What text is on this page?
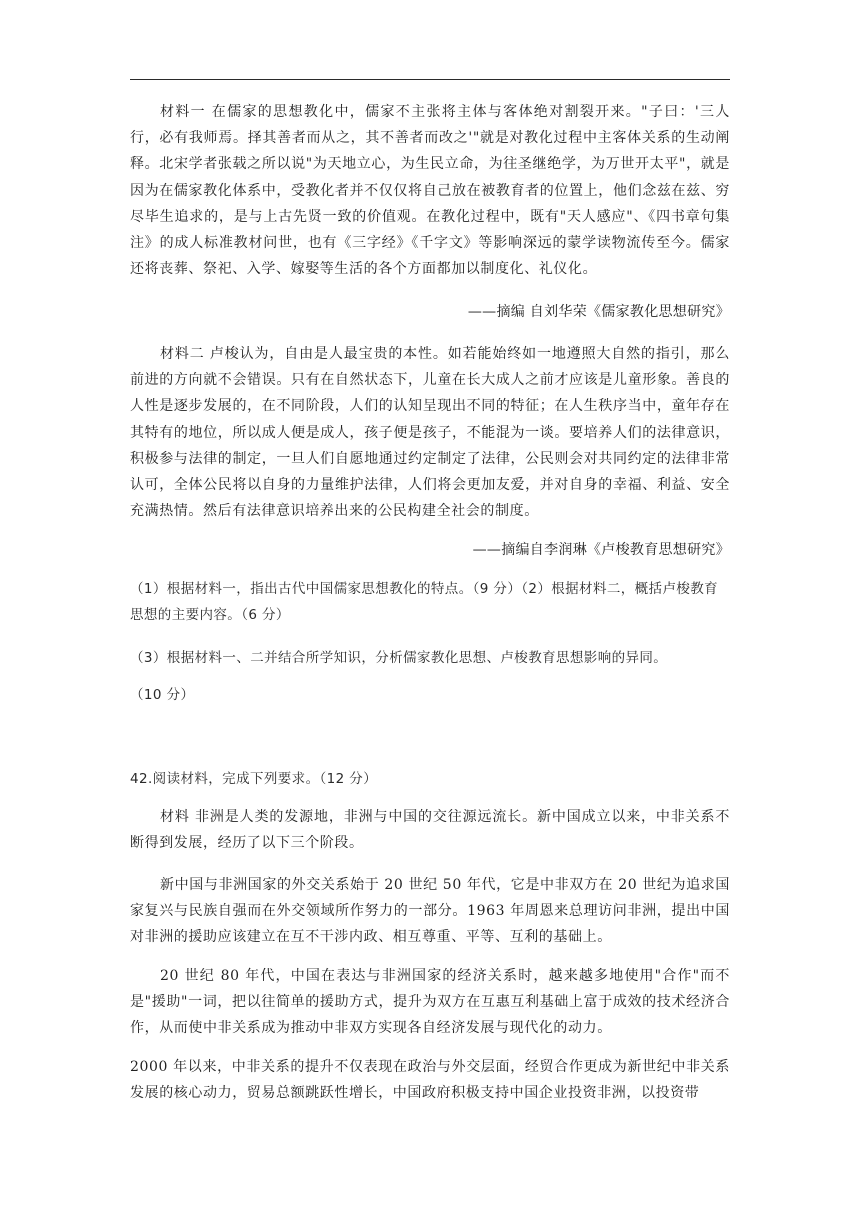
材料一 在儒家的思想教化中，儒家不主张将主体与客体绝对割裂开来。"子曰：'三人行，必有我师焉。择其善者而从之，其不善者而改之'"就是对教化过程中主客体关系的生动阐释。北宋学者张载之所以说"为天地立心，为生民立命，为往圣继绝学，为万世开太平"，就是因为在儒家教化体系中，受教化者并不仅仅将自己放在被教育者的位置上，他们念兹在兹、穷尽毕生追求的，是与上古先贤一致的价值观。在教化过程中，既有"天人感应"、《四书章句集注》的成人标准教材问世，也有《三字经》《千字文》等影响深远的蒙学读物流传至今。儒家还将丧葬、祭祀、入学、嫁娶等生活的各个方面都加以制度化、礼仪化。

——摘编 自刘华荣《儒家教化思想研究》

材料二 卢梭认为，自由是人最宝贵的本性。如若能始终如一地遵照大自然的指引，那么前进的方向就不会错误。只有在自然状态下，儿童在长大成人之前才应该是儿童形象。善良的人性是逐步发展的，在不同阶段，人们的认知呈现出不同的特征；在人生秩序当中，童年存在其特有的地位，所以成人便是成人，孩子便是孩子，不能混为一谈。要培养人们的法律意识，积极参与法律的制定，一旦人们自愿地通过约定制定了法律，公民则会对共同约定的法律非常认可，全体公民将以自身的力量维护法律，人们将会更加友爱，并对自身的幸福、利益、安全充满热情。然后有法律意识培养出来的公民构建全社会的制度。

——摘编自李润琳《卢梭教育思想研究》

（1）根据材料一，指出古代中国儒家思想教化的特点。（9 分）（2）根据材料二，概括卢梭教育思想的主要内容。（6 分）

（3）根据材料一、二并结合所学知识，分析儒家教化思想、卢梭教育思想影响的异同。

（10 分）

42.阅读材料，完成下列要求。（12 分）

材料 非洲是人类的发源地，非洲与中国的交往源远流长。新中国成立以来，中非关系不断得到发展，经历了以下三个阶段。

新中国与非洲国家的外交关系始于 20 世纪 50 年代，它是中非双方在 20 世纪为追求国家复兴与民族自强而在外交领域所作努力的一部分。1963 年周恩来总理访问非洲，提出中国对非洲的援助应该建立在互不干涉内政、相互尊重、平等、互利的基础上。

20 世纪 80 年代，中国在表达与非洲国家的经济关系时，越来越多地使用"合作"而不是"援助"一词，把以往简单的援助方式，提升为双方在互惠互利基础上富于成效的技术经济合作，从而使中非关系成为推动中非双方实现各自经济发展与现代化的动力。

2000 年以来，中非关系的提升不仅表现在政治与外交层面，经贸合作更成为新世纪中非关系发展的核心动力，贸易总额跳跃性增长，中国政府积极支持中国企业投资非洲，以投资带
